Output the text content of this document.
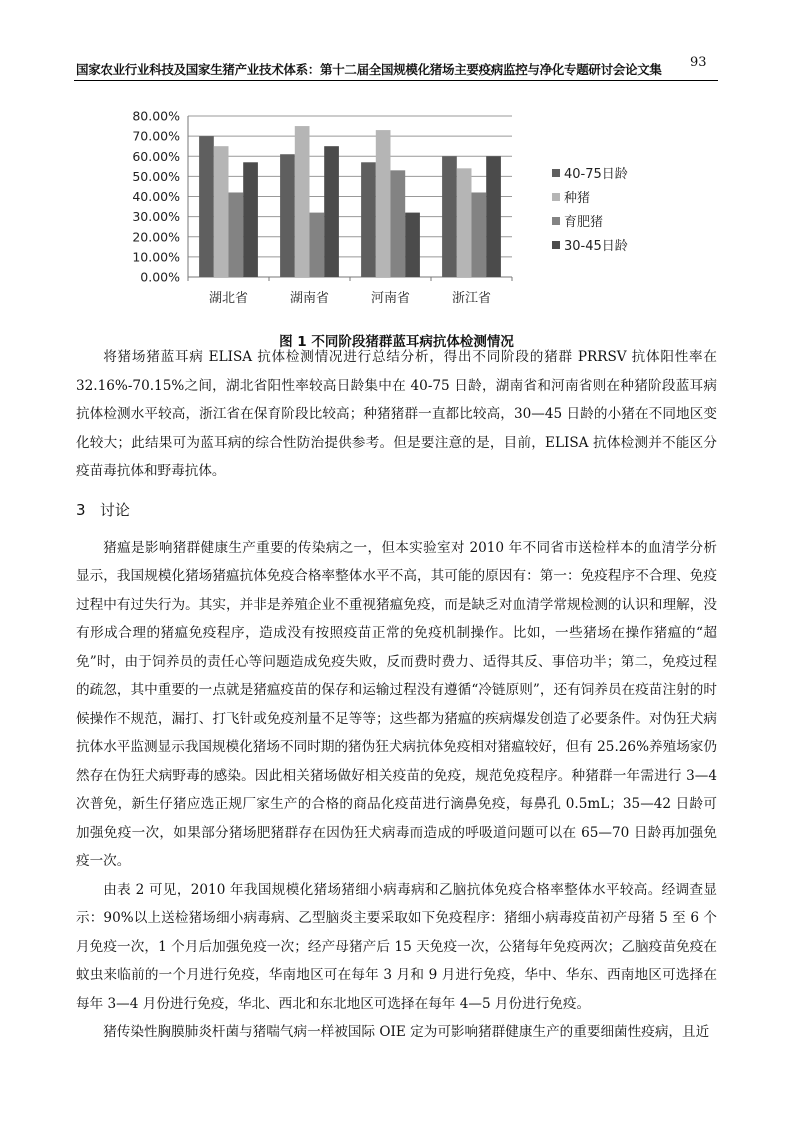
国家农业行业科技及国家生猪产业技术体系：第十二届全国规模化猪场主要疫病监控与净化专题研讨会论文集 93
0.00%
10.00%
20.00%
30.00%
40.00%
50.00%
60.00%
70.00%
80.00%
湖北省	湖南省	河南省	浙江省
40-75日龄
种猪
育肥猪
30-45日龄
图 1 不同阶段猪群蓝耳病抗体检测情况

将猪场猪蓝耳病 ELISA 抗体检测情况进行总结分析，得出不同阶段的猪群 PRRSV 抗体阳性率在32.16%-70.15%之间，湖北省阳性率较高日龄集中在 40-75 日龄，湖南省和河南省则在种猪阶段蓝耳病抗体检测水平较高，浙江省在保育阶段比较高；种猪猪群一直都比较高，30—45 日龄的小猪在不同地区变化较大；此结果可为蓝耳病的综合性防治提供参考。但是要注意的是，目前，ELISA 抗体检测并不能区分疫苗毒抗体和野毒抗体。

3 讨论

猪瘟是影响猪群健康生产重要的传染病之一，但本实验室对 2010 年不同省市送检样本的血清学分析显示，我国规模化猪场猪瘟抗体免疫合格率整体水平不高，其可能的原因有：第一：免疫程序不合理、免疫过程中有过失行为。其实，并非是养殖企业不重视猪瘟免疫，而是缺乏对血清学常规检测的认识和理解，没有形成合理的猪瘟免疫程序，造成没有按照疫苗正常的免疫机制操作。比如，一些猪场在操作猪瘟的“超免”时，由于饲养员的责任心等问题造成免疫失败，反而费时费力、适得其反、事倍功半；第二，免疫过程的疏忽，其中重要的一点就是猪瘟疫苗的保存和运输过程没有遵循“冷链原则”，还有饲养员在疫苗注射的时候操作不规范，漏打、打飞针或免疫剂量不足等等；这些都为猪瘟的疾病爆发创造了必要条件。对伪狂犬病抗体水平监测显示我国规模化猪场不同时期的猪伪狂犬病抗体免疫相对猪瘟较好，但有 25.26%养殖场家仍然存在伪狂犬病野毒的感染。因此相关猪场做好相关疫苗的免疫，规范免疫程序。种猪群一年需进行 3—4 次普免，新生仔猪应选正规厂家生产的合格的商品化疫苗进行滴鼻免疫，每鼻孔 0.5mL；35—42 日龄可加强免疫一次，如果部分猪场肥猪群存在因伪狂犬病毒而造成的呼吸道问题可以在 65—70 日龄再加强免疫一次。

由表 2 可见，2010 年我国规模化猪场猪细小病毒病和乙脑抗体免疫合格率整体水平较高。经调查显示：90%以上送检猪场细小病毒病、乙型脑炎主要采取如下免疫程序：猪细小病毒疫苗初产母猪 5 至 6 个月免疫一次，1 个月后加强免疫一次；经产母猪产后 15 天免疫一次，公猪每年免疫两次；乙脑疫苗免疫在蚊虫来临前的一个月进行免疫，华南地区可在每年 3 月和 9 月进行免疫，华中、华东、西南地区可选择在每年 3—4 月份进行免疫，华北、西北和东北地区可选择在每年 4—5 月份进行免疫。

猪传染性胸膜肺炎杆菌与猪喘气病一样被国际 OIE 定为可影响猪群健康生产的重要细菌性疫病，且近
